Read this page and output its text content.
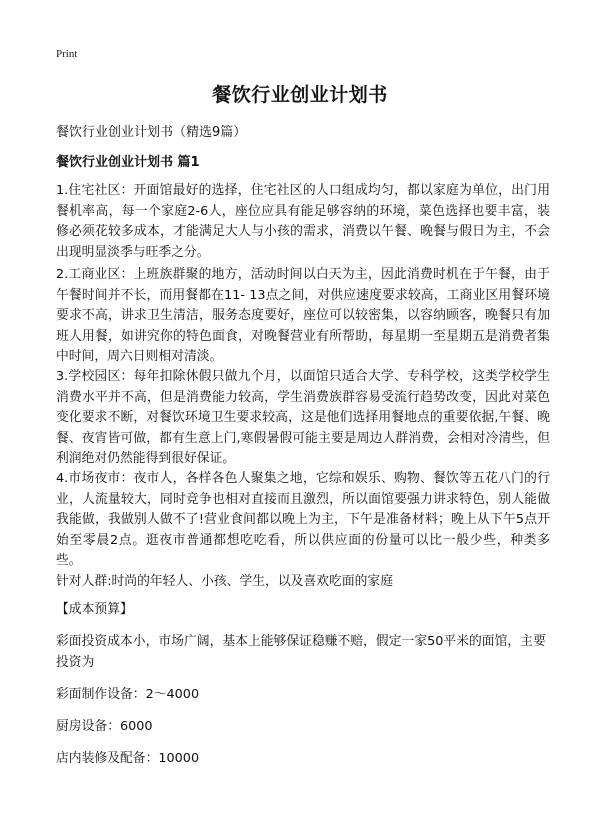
Print
餐饮行业创业计划书
餐饮行业创业计划书（精选9篇）
餐饮行业创业计划书 篇1

1.住宅社区：开面馆最好的选择，住宅社区的人口组成均匀，都以家庭为单位，出门用餐机率高，每一个家庭2-6人，座位应具有能足够容纳的环境，菜色选择也要丰富，装修必须花较多成本，才能满足大人与小孩的需求，消费以午餐、晚餐与假日为主，不会出现明显淡季与旺季之分。

2.工商业区：上班族群聚的地方，活动时间以白天为主，因此消费时机在于午餐，由于午餐时间并不长，而用餐都在11- 13点之间，对供应速度要求较高，工商业区用餐环境要求不高，讲求卫生清洁，服务态度要好，座位可以较密集，以容纳顾客，晚餐只有加班人用餐，如讲究你的特色面食，对晚餐营业有所帮助，每星期一至星期五是消费者集中时间，周六日则相对清淡。

3.学校园区：每年扣除休假只做九个月，以面馆只适合大学、专科学校，这类学校学生消费水平并不高，但是消费能力较高，学生消费族群容易受流行趋势改变，因此对菜色变化要求不断，对餐饮环境卫生要求较高，这是他们选择用餐地点的重要依据,午餐、晚餐、夜宵皆可做，都有生意上门,寒假暑假可能主要是周边人群消费，会相对冷清些，但利润绝对仍然能得到很好保证。

4.市场夜市：夜市人，各样各色人聚集之地，它综和娱乐、购物、餐饮等五花八门的行业，人流量较大，同时竞争也相对直接而且激烈，所以面馆要强力讲求特色，别人能做我能做，我做别人做不了!营业食间都以晚上为主，下午是准备材料；晚上从下午5点开始至零晨2点。逛夜市普通都想吃吃看，所以供应面的份量可以比一般少些，种类多些。

针对人群:时尚的年轻人、小孩、学生，以及喜欢吃面的家庭

【成本预算】

彩面投资成本小，市场广阔，基本上能够保证稳赚不赔，假定一家50平米的面馆，主要投资为

彩面制作设备：2～4000

厨房设备：6000

店内装修及配备：10000
